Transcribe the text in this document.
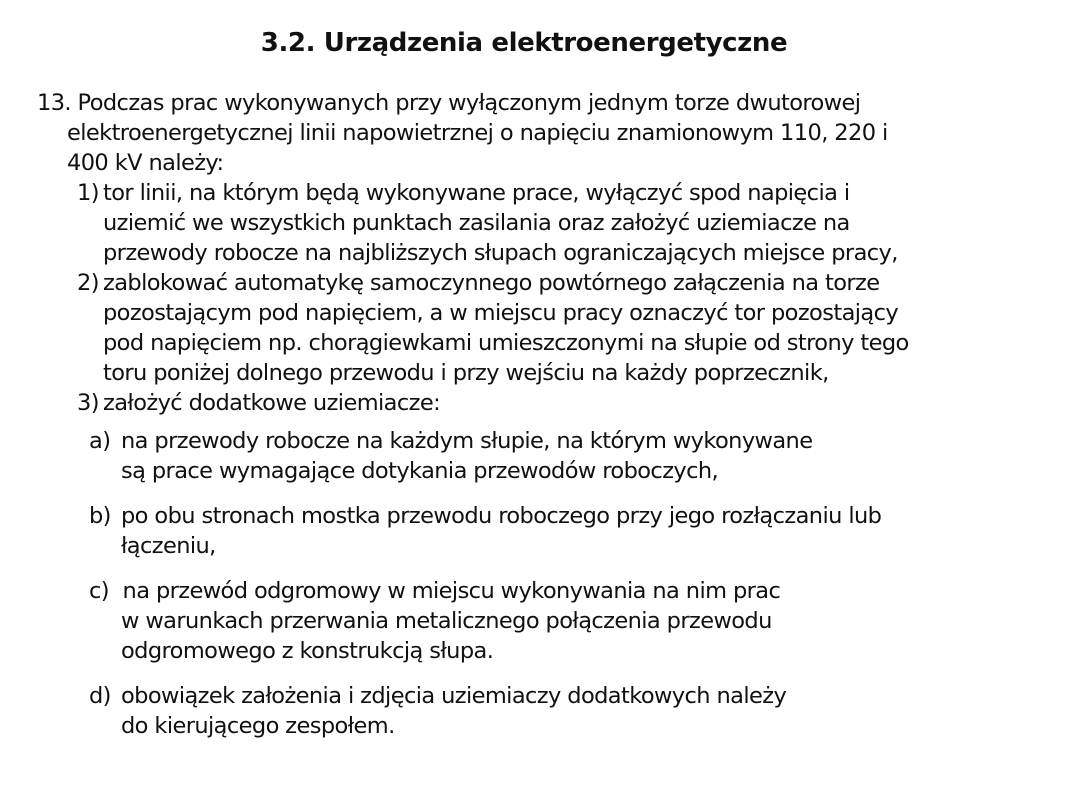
3.2. Urządzenia elektroenergetyczne
13. Podczas prac wykonywanych przy wyłączonym jednym torze dwutorowej
elektroenergetycznej linii napowietrznej o napięciu znamionowym 110, 220 i
400 kV należy:
1) tor linii, na którym będą wykonywane prace, wyłączyć spod napięcia i
uziemić we wszystkich punktach zasilania oraz założyć uziemiacze na
przewody robocze na najbliższych słupach ograniczających miejsce pracy,
2) zablokować automatykę samoczynnego powtórnego załączenia na torze
pozostającym pod napięciem, a w miejscu pracy oznaczyć tor pozostający
pod napięciem np. chorągiewkami umieszczonymi na słupie od strony tego
toru poniżej dolnego przewodu i przy wejściu na każdy poprzecznik,
3) założyć dodatkowe uziemiacze:
a) na przewody robocze na każdym słupie, na którym wykonywane
są prace wymagające dotykania przewodów roboczych,
b) po obu stronach mostka przewodu roboczego przy jego rozłączaniu lub
łączeniu,
c) na przewód odgromowy w miejscu wykonywania na nim prac
w warunkach przerwania metalicznego połączenia przewodu
odgromowego z konstrukcją słupa.
d) obowiązek założenia i zdjęcia uziemiaczy dodatkowych należy
do kierującego zespołem.
